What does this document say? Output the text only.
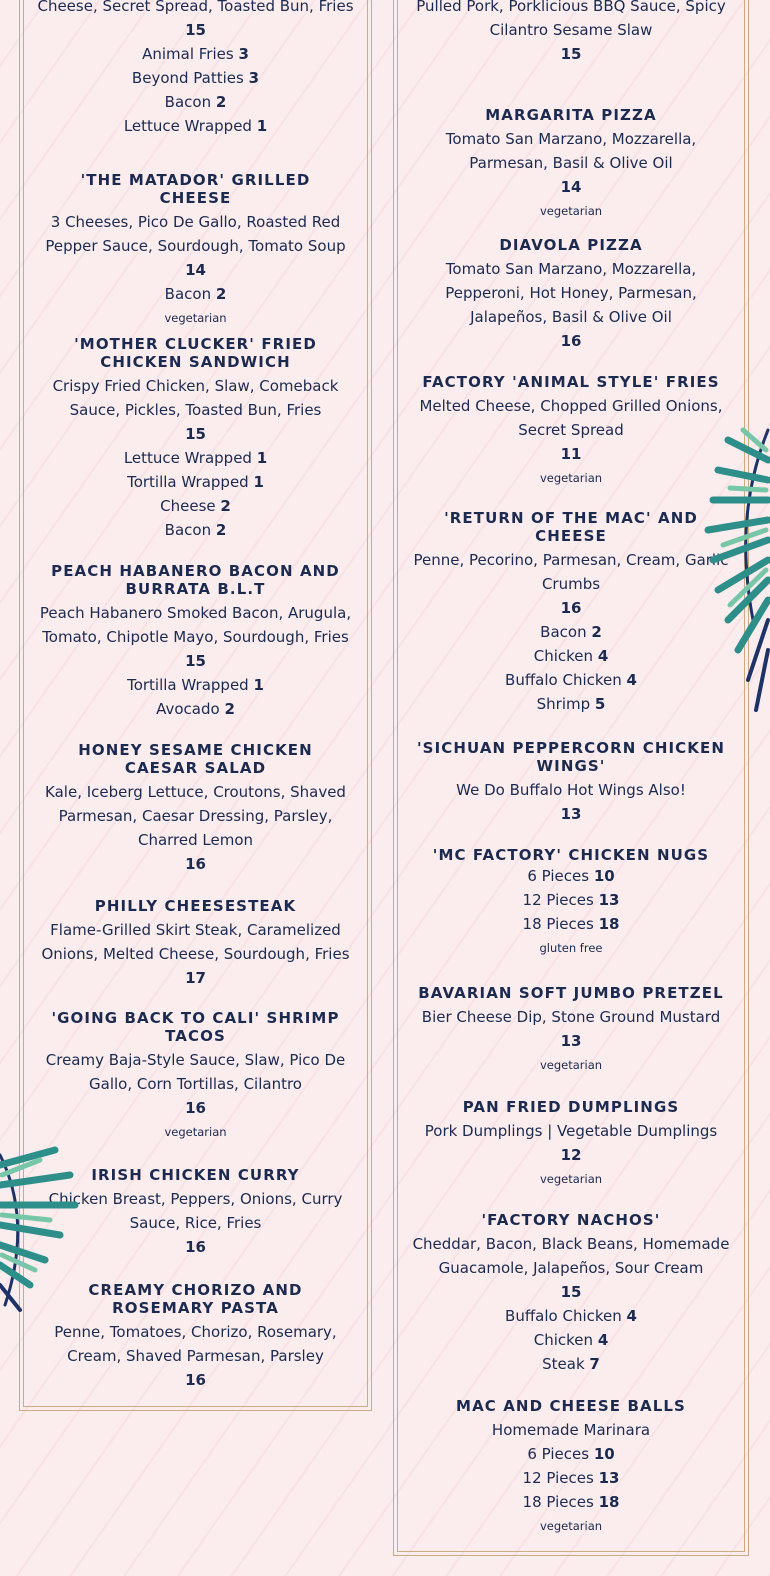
Cheese, Secret Spread, Toasted Bun, Fries
15
Animal Fries 3
Beyond Patties 3
Bacon 2
Lettuce Wrapped 1
'THE MATADOR' GRILLED CHEESE
3 Cheeses, Pico De Gallo, Roasted Red Pepper Sauce, Sourdough, Tomato Soup
14
Bacon 2
vegetarian
'MOTHER CLUCKER' FRIED CHICKEN SANDWICH
Crispy Fried Chicken, Slaw, Comeback Sauce, Pickles, Toasted Bun, Fries
15
Lettuce Wrapped 1
Tortilla Wrapped 1
Cheese 2
Bacon 2
PEACH HABANERO BACON AND BURRATA B.L.T
Peach Habanero Smoked Bacon, Arugula, Tomato, Chipotle Mayo, Sourdough, Fries
15
Tortilla Wrapped 1
Avocado 2
HONEY SESAME CHICKEN CAESAR SALAD
Kale, Iceberg Lettuce, Croutons, Shaved Parmesan, Caesar Dressing, Parsley, Charred Lemon
16
PHILLY CHEESESTEAK
Flame-Grilled Skirt Steak, Caramelized Onions, Melted Cheese, Sourdough, Fries
17
'GOING BACK TO CALI' SHRIMP TACOS
Creamy Baja-Style Sauce, Slaw, Pico De Gallo, Corn Tortillas, Cilantro
16
vegetarian
IRISH CHICKEN CURRY
Chicken Breast, Peppers, Onions, Curry Sauce, Rice, Fries
16
CREAMY CHORIZO AND ROSEMARY PASTA
Penne, Tomatoes, Chorizo, Rosemary, Cream, Shaved Parmesan, Parsley
16
Pulled Pork, Porklicious BBQ Sauce, Spicy Cilantro Sesame Slaw
15
MARGARITA PIZZA
Tomato San Marzano, Mozzarella, Parmesan, Basil & Olive Oil
14
vegetarian
DIAVOLA PIZZA
Tomato San Marzano, Mozzarella, Pepperoni, Hot Honey, Parmesan, Jalapeños, Basil & Olive Oil
16
FACTORY 'ANIMAL STYLE' FRIES
Melted Cheese, Chopped Grilled Onions, Secret Spread
11
vegetarian
'RETURN OF THE MAC' AND CHEESE
Penne, Pecorino, Parmesan, Cream, Garlic Crumbs
16
Bacon 2
Chicken 4
Buffalo Chicken 4
Shrimp 5
'SICHUAN PEPPERCORN CHICKEN WINGS'
We Do Buffalo Hot Wings Also!
13
'MC FACTORY' CHICKEN NUGS
6 Pieces 10
12 Pieces 13
18 Pieces 18
gluten free
BAVARIAN SOFT JUMBO PRETZEL
Bier Cheese Dip, Stone Ground Mustard
13
vegetarian
PAN FRIED DUMPLINGS
Pork Dumplings | Vegetable Dumplings
12
vegetarian
'FACTORY NACHOS'
Cheddar, Bacon, Black Beans, Homemade Guacamole, Jalapeños, Sour Cream
15
Buffalo Chicken 4
Chicken 4
Steak 7
MAC AND CHEESE BALLS
Homemade Marinara
6 Pieces 10
12 Pieces 13
18 Pieces 18
vegetarian
